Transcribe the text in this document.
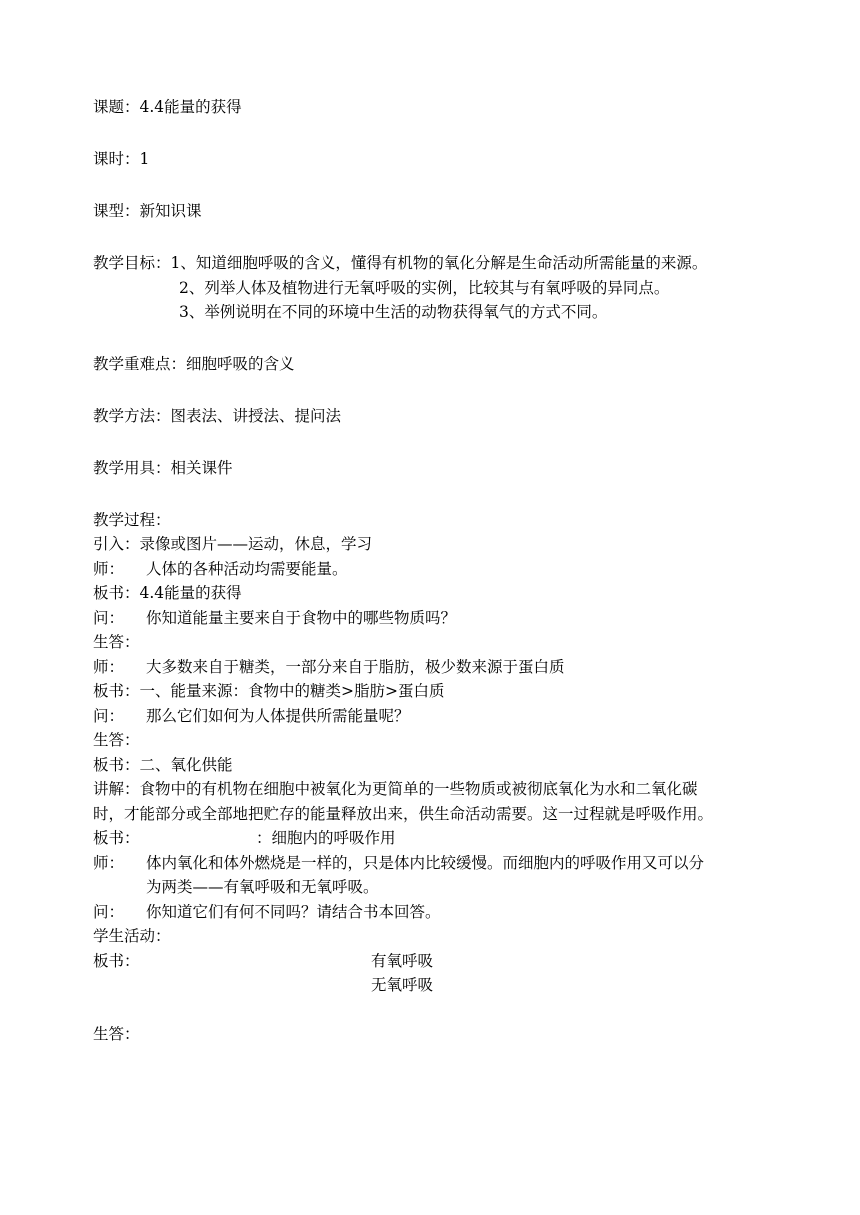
课题：4.4能量的获得
课时：1
课型：新知识课
教学目标：1、知道细胞呼吸的含义，懂得有机物的氧化分解是生命活动所需能量的来源。
2、列举人体及植物进行无氧呼吸的实例，比较其与有氧呼吸的异同点。
3、举例说明在不同的环境中生活的动物获得氧气的方式不同。
教学重难点：细胞呼吸的含义
教学方法：图表法、讲授法、提问法
教学用具：相关课件
教学过程：
引入：录像或图片——运动，休息，学习
师： 人体的各种活动均需要能量。
板书：4.4能量的获得
问： 你知道能量主要来自于食物中的哪些物质吗？
生答：
师： 大多数来自于糖类，一部分来自于脂肪，极少数来源于蛋白质
板书：一、能量来源：食物中的糖类>脂肪>蛋白质
问： 那么它们如何为人体提供所需能量呢？
生答：
板书：二、氧化供能
讲解：食物中的有机物在细胞中被氧化为更简单的一些物质或被彻底氧化为水和二氧化碳
时，才能部分或全部地把贮存的能量释放出来，供生命活动需要。这一过程就是呼吸作用。
板书：	：细胞内的呼吸作用
师： 体内氧化和体外燃烧是一样的，只是体内比较缓慢。而细胞内的呼吸作用又可以分
为两类——有氧呼吸和无氧呼吸。
问： 你知道它们有何不同吗？请结合书本回答。
学生活动：
板书：	有氧呼吸
无氧呼吸
生答：
